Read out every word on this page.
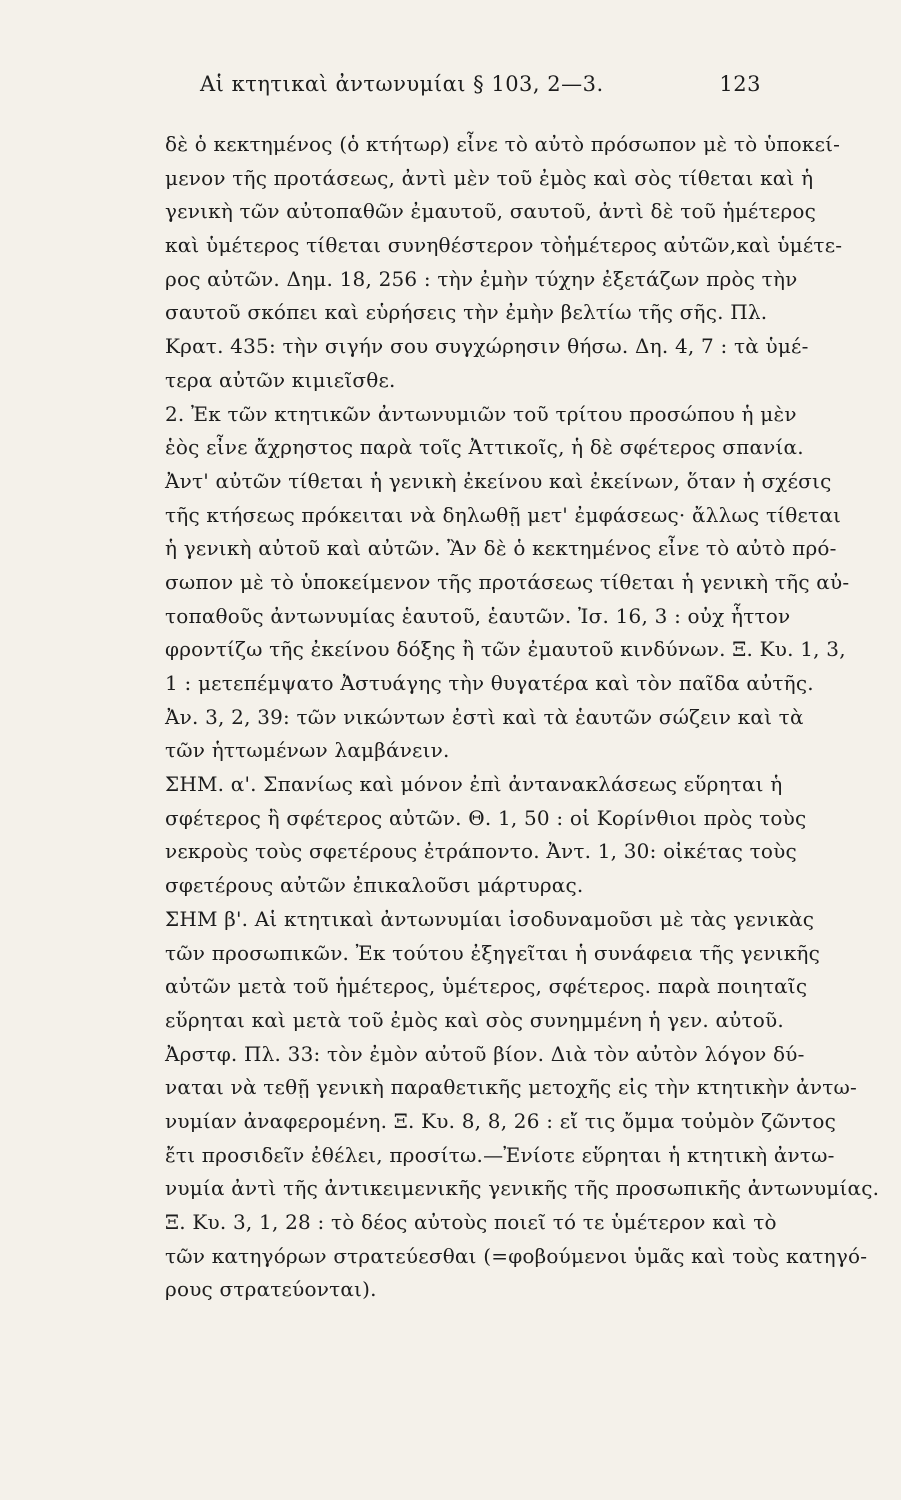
Αἱ κτητικαὶ ἀντωνυμίαι § 103, 2—3.	123
δὲ ὁ κεκτημένος (ὁ κτήτωρ) εἶνε τὸ αὐτὸ πρόσωπον μὲ τὸ ὑποκεί-
μενον τῆς προτάσεως, ἀντὶ μὲν τοῦ ἐμὸς καὶ σὸς τίθεται καὶ ἡ
γενικὴ τῶν αὐτοπαθῶν ἐμαυτοῦ, σαυτοῦ, ἀντὶ δὲ τοῦ ἡμέτερος
καὶ ὑμέτερος τίθεται συνηθέστερον τὸἡμέτερος αὐτῶν,καὶ ὑμέτε-
ρος αὐτῶν. Δημ. 18, 256 : τὴν ἐμὴν τύχην ἐξετάζων πρὸς τὴν
σαυτοῦ σκόπει καὶ εὑρήσεις τὴν ἐμὴν βελτίω τῆς σῆς. Πλ.
Κρατ. 435: τὴν σιγήν σου συγχώρησιν θήσω. Δη. 4, 7 : τὰ ὑμέ-
τερα αὐτῶν κιμιεῖσθε.
2. Ἐκ τῶν κτητικῶν ἀντωνυμιῶν τοῦ τρίτου προσώπου ἡ μὲν
ἑὸς εἶνε ἄχρηστος παρὰ τοῖς Ἀττικοῖς, ἡ δὲ σφέτερος σπανία.
Ἀντ' αὐτῶν τίθεται ἡ γενικὴ ἐκείνου καὶ ἐκείνων, ὅταν ἡ σχέσις
τῆς κτήσεως πρόκειται νὰ δηλωθῇ μετ' ἐμφάσεως· ἄλλως τίθεται
ἡ γενικὴ αὐτοῦ καὶ αὐτῶν. Ἂν δὲ ὁ κεκτημένος εἶνε τὸ αὐτὸ πρό-
σωπον μὲ τὸ ὑποκείμενον τῆς προτάσεως τίθεται ἡ γενικὴ τῆς αὐ-
τοπαθοῦς ἀντωνυμίας ἑαυτοῦ, ἑαυτῶν. Ἰσ. 16, 3 : οὐχ ἧττον
φροντίζω τῆς ἐκείνου δόξης ἢ τῶν ἐμαυτοῦ κινδύνων. Ξ. Κυ. 1, 3,
1 : μετεπέμψατο Ἀστυάγης τὴν θυγατέρα καὶ τὸν παῖδα αὐτῆς.
Ἀν. 3, 2, 39: τῶν νικώντων ἐστὶ καὶ τὰ ἑαυτῶν σώζειν καὶ τὰ
τῶν ἡττωμένων λαμβάνειν.
ΣΗΜ. α'. Σπανίως καὶ μόνον ἐπὶ ἀντανακλάσεως εὕρηται ἡ
σφέτερος ἢ σφέτερος αὐτῶν. Θ. 1, 50 : οἱ Κορίνθιοι πρὸς τοὺς
νεκροὺς τοὺς σφετέρους ἐτράποντο. Ἀντ. 1, 30: οἰκέτας τοὺς
σφετέρους αὐτῶν ἐπικαλοῦσι μάρτυρας.
ΣΗΜ β'. Αἱ κτητικαὶ ἀντωνυμίαι ἰσοδυναμοῦσι μὲ τὰς γενικὰς
τῶν προσωπικῶν. Ἐκ τούτου ἐξηγεῖται ἡ συνάφεια τῆς γενικῆς
αὐτῶν μετὰ τοῦ ἡμέτερος, ὑμέτερος, σφέτερος. παρὰ ποιηταῖς
εὕρηται καὶ μετὰ τοῦ ἐμὸς καὶ σὸς συνημμένη ἡ γεν. αὐτοῦ.
Ἀρστφ. Πλ. 33: τὸν ἐμὸν αὐτοῦ βίον. Διὰ τὸν αὐτὸν λόγον δύ-
ναται νὰ τεθῇ γενικὴ παραθετικῆς μετοχῆς εἰς τὴν κτητικὴν ἀντω-
νυμίαν ἀναφερομένη. Ξ. Κυ. 8, 8, 26 : εἴ τις ὄμμα τοὐμὸν ζῶντος
ἔτι προσιδεῖν ἐθέλει, προσίτω.—Ἐνίοτε εὕρηται ἡ κτητικὴ ἀντω-
νυμία ἀντὶ τῆς ἀντικειμενικῆς γενικῆς τῆς προσωπικῆς ἀντωνυμίας.
Ξ. Κυ. 3, 1, 28 : τὸ δέος αὐτοὺς ποιεῖ τό τε ὑμέτερον καὶ τὸ
τῶν κατηγόρων στρατεύεσθαι (=φοβούμενοι ὑμᾶς καὶ τοὺς κατηγό-
ρους στρατεύονται).
